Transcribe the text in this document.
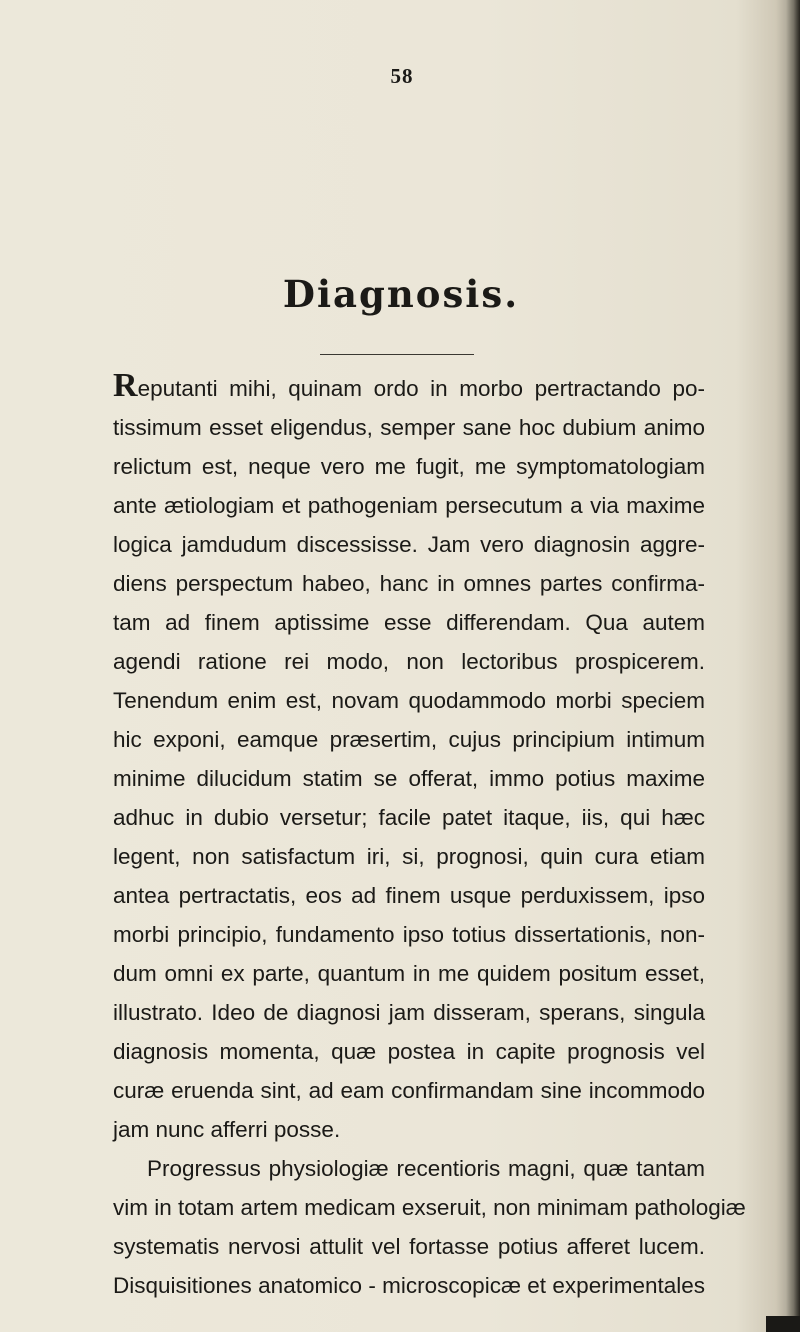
58
Diagnosis.
Reputanti mihi, quinam ordo in morbo pertractando po-
tissimum esset eligendus, semper sane hoc dubium animo
relictum est, neque vero me fugit, me symptomatologiam
ante ætiologiam et pathogeniam persecutum a via maxime
logica jamdudum discessisse. Jam vero diagnosin aggre-
diens perspectum habeo, hanc in omnes partes confirma-
tam ad finem aptissime esse differendam. Qua autem
agendi ratione rei modo, non lectoribus prospicerem.
Tenendum enim est, novam quodammodo morbi speciem
hic exponi, eamque præsertim, cujus principium intimum
minime dilucidum statim se offerat, immo potius maxime
adhuc in dubio versetur; facile patet itaque, iis, qui hæc
legent, non satisfactum iri, si, prognosi, quin cura etiam
antea pertractatis, eos ad finem usque perduxissem, ipso
morbi principio, fundamento ipso totius dissertationis, non-
dum omni ex parte, quantum in me quidem positum esset,
illustrato. Ideo de diagnosi jam disseram, sperans, singula
diagnosis momenta, quæ postea in capite prognosis vel
curæ eruenda sint, ad eam confirmandam sine incommodo
jam nunc afferri posse.
Progressus physiologiæ recentioris magni, quæ tantam
vim in totam artem medicam exseruit, non minimam pathologiæ
systematis nervosi attulit vel fortasse potius afferet lucem.
Disquisitiones anatomico - microscopicæ et experimentales
